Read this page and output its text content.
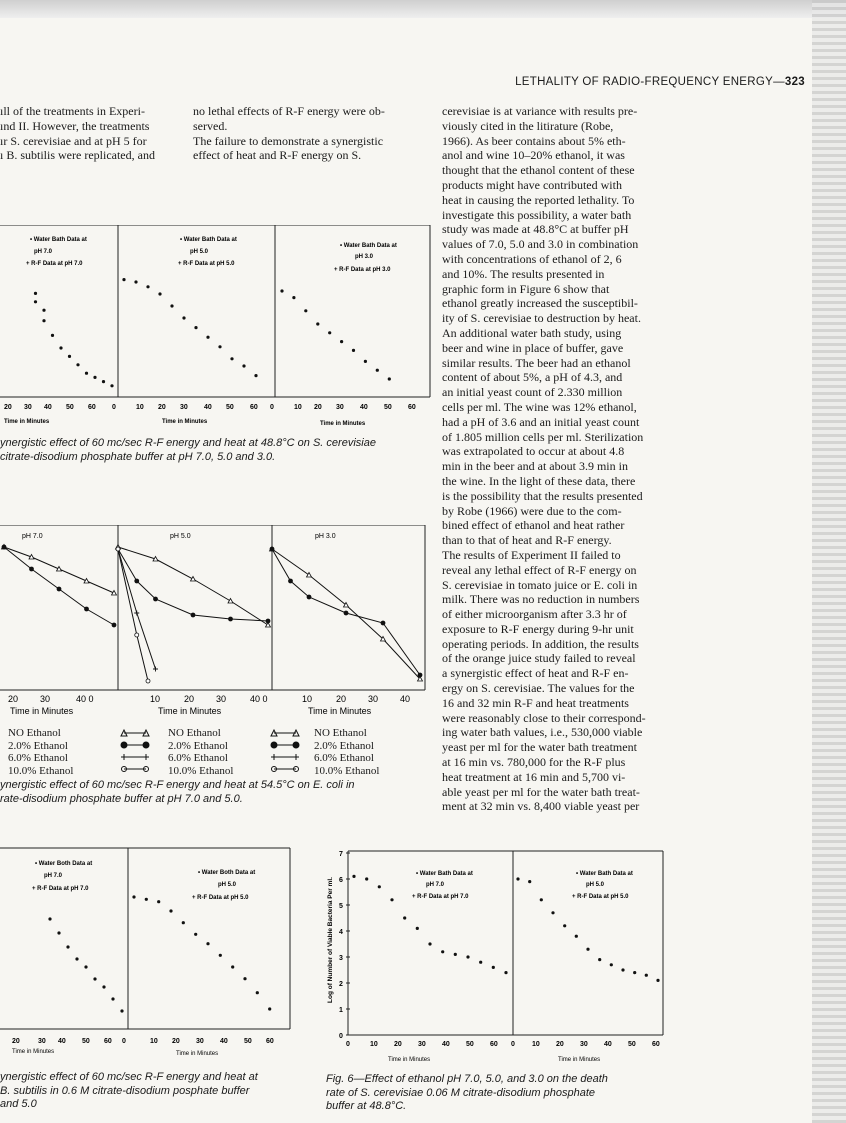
LETHALITY OF RADIO-FREQUENCY ENERGY—323

ıll of the treatments in Experi-

ınd II. However, the treatments

ır S. cerevisiae and at pH 5 for

ı B. subtilis were replicated, and

no lethal effects of R-F energy were ob-

served.

The failure to demonstrate a synergistic

effect of heat and R-F energy on S.

cerevisiae is at variance with results pre-

viously cited in the litirature (Robe,

1966). As beer contains about 5% eth-

anol and wine 10–20% ethanol, it was

thought that the ethanol content of these

products might have contributed with

heat in causing the reported lethality. To

investigate this possibility, a water bath

study was made at 48.8°C at buffer pH

values of 7.0, 5.0 and 3.0 in combination

with concentrations of ethanol of 2, 6

and 10%. The results presented in

graphic form in Figure 6 show that

ethanol greatly increased the susceptibil-

ity of S. cerevisiae to destruction by heat.

An additional water bath study, using

beer and wine in place of buffer, gave

similar results. The beer had an ethanol

content of about 5%, a pH of 4.3, and

an initial yeast count of 2.330 million

cells per ml. The wine was 12% ethanol,

had a pH of 3.6 and an initial yeast count

of 1.805 million cells per ml. Sterilization

was extrapolated to occur at about 4.8

min in the beer and at about 3.9 min in

the wine. In the light of these data, there

is the possibility that the results presented

by Robe (1966) were due to the com-

bined effect of ethanol and heat rather

than to that of heat and R-F energy.

The results of Experiment II failed to

reveal any lethal effect of R-F energy on

S. cerevisiae in tomato juice or E. coli in

milk. There was no reduction in numbers

of either microorganism after 3.3 hr of

exposure to R-F energy during 9-hr unit

operating periods. In addition, the results

of the orange juice study failed to reveal

a synergistic effect of heat and R-F en-

ergy on S. cerevisiae. The values for the

16 and 32 min R-F and heat treatments

were reasonably close to their correspond-

ing water bath values, i.e., 530,000 viable

yeast per ml for the water bath treatment

at 16 min vs. 780,000 for the R-F plus

heat treatment at 16 min and 5,700 vi-

able yeast per ml for the water bath treat-

ment at 32 min vs. 8,400 viable yeast per

• Water Bath Data at
pH 7.0
+ R-F Data at pH 7.0
• Water Bath Data at
pH 5.0
+ R-F Data at pH 5.0
• Water Bath Data at
pH 3.0
+ R-F Data at pH 3.0
20 30 40 50 60 0	10 20 30 40 50 60 0	10 20 30 40 50 60
Time in Minutes	Time in Minutes	Time in Minutes
ynergistic effect of 60 mc/sec R-F energy and heat at 48.8°C on S. cerevisiae
citrate-disodium phosphate buffer at pH 7.0, 5.0 and 3.0.
pH 7.0	pH 5.0	pH 3.0
20 30	40 0	10	20 30	40 0	10	20 30 40
Time in Minutes	Time in Minutes	Time in Minutes
NO Ethanol
2.0% Ethanol
6.0% Ethanol
10.0% Ethanol
NO Ethanol
2.0% Ethanol
6.0% Ethanol
10.0% Ethanol
NO Ethanol
2.0% Ethanol
6.0% Ethanol
10.0% Ethanol
ynergistic effect of 60 mc/sec R-F energy and heat at 54.5°C on E. coli in
rate-disodium phosphate buffer at pH 7.0 and 5.0.
• Water Both Data at
pH 7.0
+ R-F Data at pH 7.0
• Water Both Data at
pH 5.0
+ R-F Data at pH 5.0
20	30 40 50 60 0	10 20 30 40 50 60
Time in Minutes	Time in Minutes
ynergistic effect of 60 mc/sec R-F energy and heat at
B. subtilis in 0.6 M citrate-disodium posphate buffer
and 5.0
Log of Number of Viable Bacteria Per ml.
7
6
5
4
3
2
1
0
• Water Bath Data at
pH 7.0
+ R-F Data at pH 7.0
• Water Bath Data at
pH 5.0
+ R-F Data at pH 5.0
0	10 20 30 40 50 60 0 10 20 30 40 50 60
Time in Minutes	Time in Minutes
Fig. 6—Effect of ethanol pH 7.0, 5.0, and 3.0 on the death
rate of S. cerevisiae 0.06 M citrate-disodium phosphate
buffer at 48.8°C.
